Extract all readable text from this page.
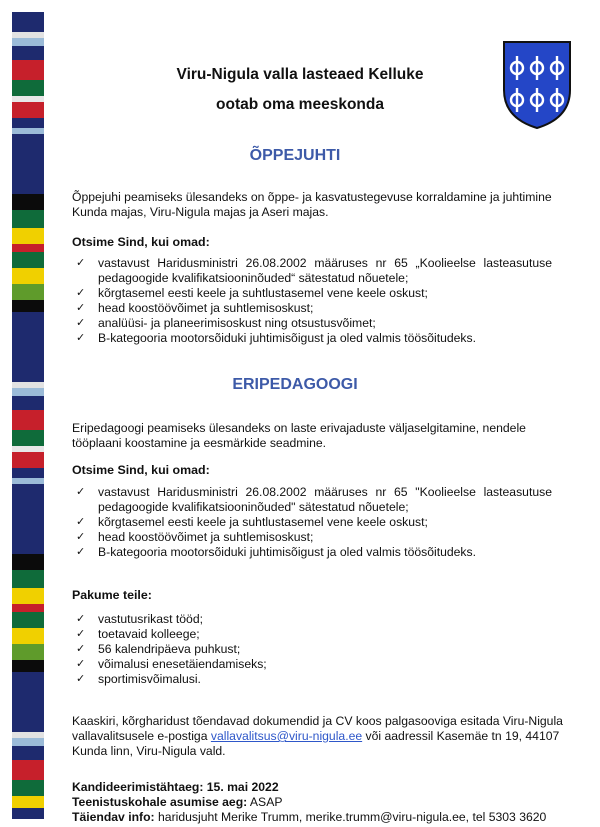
Viru-Nigula valla lasteaed Kelluke
ootab oma meeskonda
ÕPPEJUHTI
Õppejuhi peamiseks ülesandeks on õppe- ja kasvatustegevuse korraldamine ja juhtimine Kunda majas, Viru-Nigula majas ja Aseri majas.
Otsime Sind, kui omad:
✓ vastavust Haridusministri 26.08.2002 määruses nr 65 „Koolieelse lasteasutuse pedagoogide kvalifikatsiooninõuded“ sätestatud nõuetele;
✓ kõrgtasemel eesti keele ja suhtlustasemel vene keele oskust;
✓ head koostöövõimet ja suhtlemisoskust;
✓ analüüsi- ja planeerimisoskust ning otsustusvõimet;
✓ B-kategooria mootorsõiduki juhtimisõigust ja oled valmis töösõitudeks.
ERIPEDAGOOGI
Eripedagoogi peamiseks ülesandeks on laste erivajaduste väljaselgitamine, nendele tööplaani koostamine ja eesmärkide seadmine.
Otsime Sind, kui omad:
✓ vastavust Haridusministri 26.08.2002 määruses nr 65 "Koolieelse lasteasutuse pedagoogide kvalifikatsiooninõuded" sätestatud nõuetele;
✓ kõrgtasemel eesti keele ja suhtlustasemel vene keele oskust;
✓ head koostöövõimet ja suhtlemisoskust;
✓ B-kategooria mootorsõiduki juhtimisõigust ja oled valmis töösõitudeks.
Pakume teile:
✓ vastutusrikast tööd;
✓ toetavaid kolleege;
✓ 56 kalendripäeva puhkust;
✓ võimalusi enesetäiendamiseks;
✓ sportimisvõimalusi.
Kaaskiri, kõrgharidust tõendavad dokumendid ja CV koos palgasooviga esitada Viru-Nigula vallavalitsusele e-postiga vallavalitsus@viru-nigula.ee või aadressil Kasemäe tn 19, 44107 Kunda linn, Viru-Nigula vald.
Kandideerimistähtaeg: 15. mai 2022
Teenistuskohale asumise aeg: ASAP
Täiendav info: haridusjuht Merike Trumm, merike.trumm@viru-nigula.ee, tel 5303 3620
